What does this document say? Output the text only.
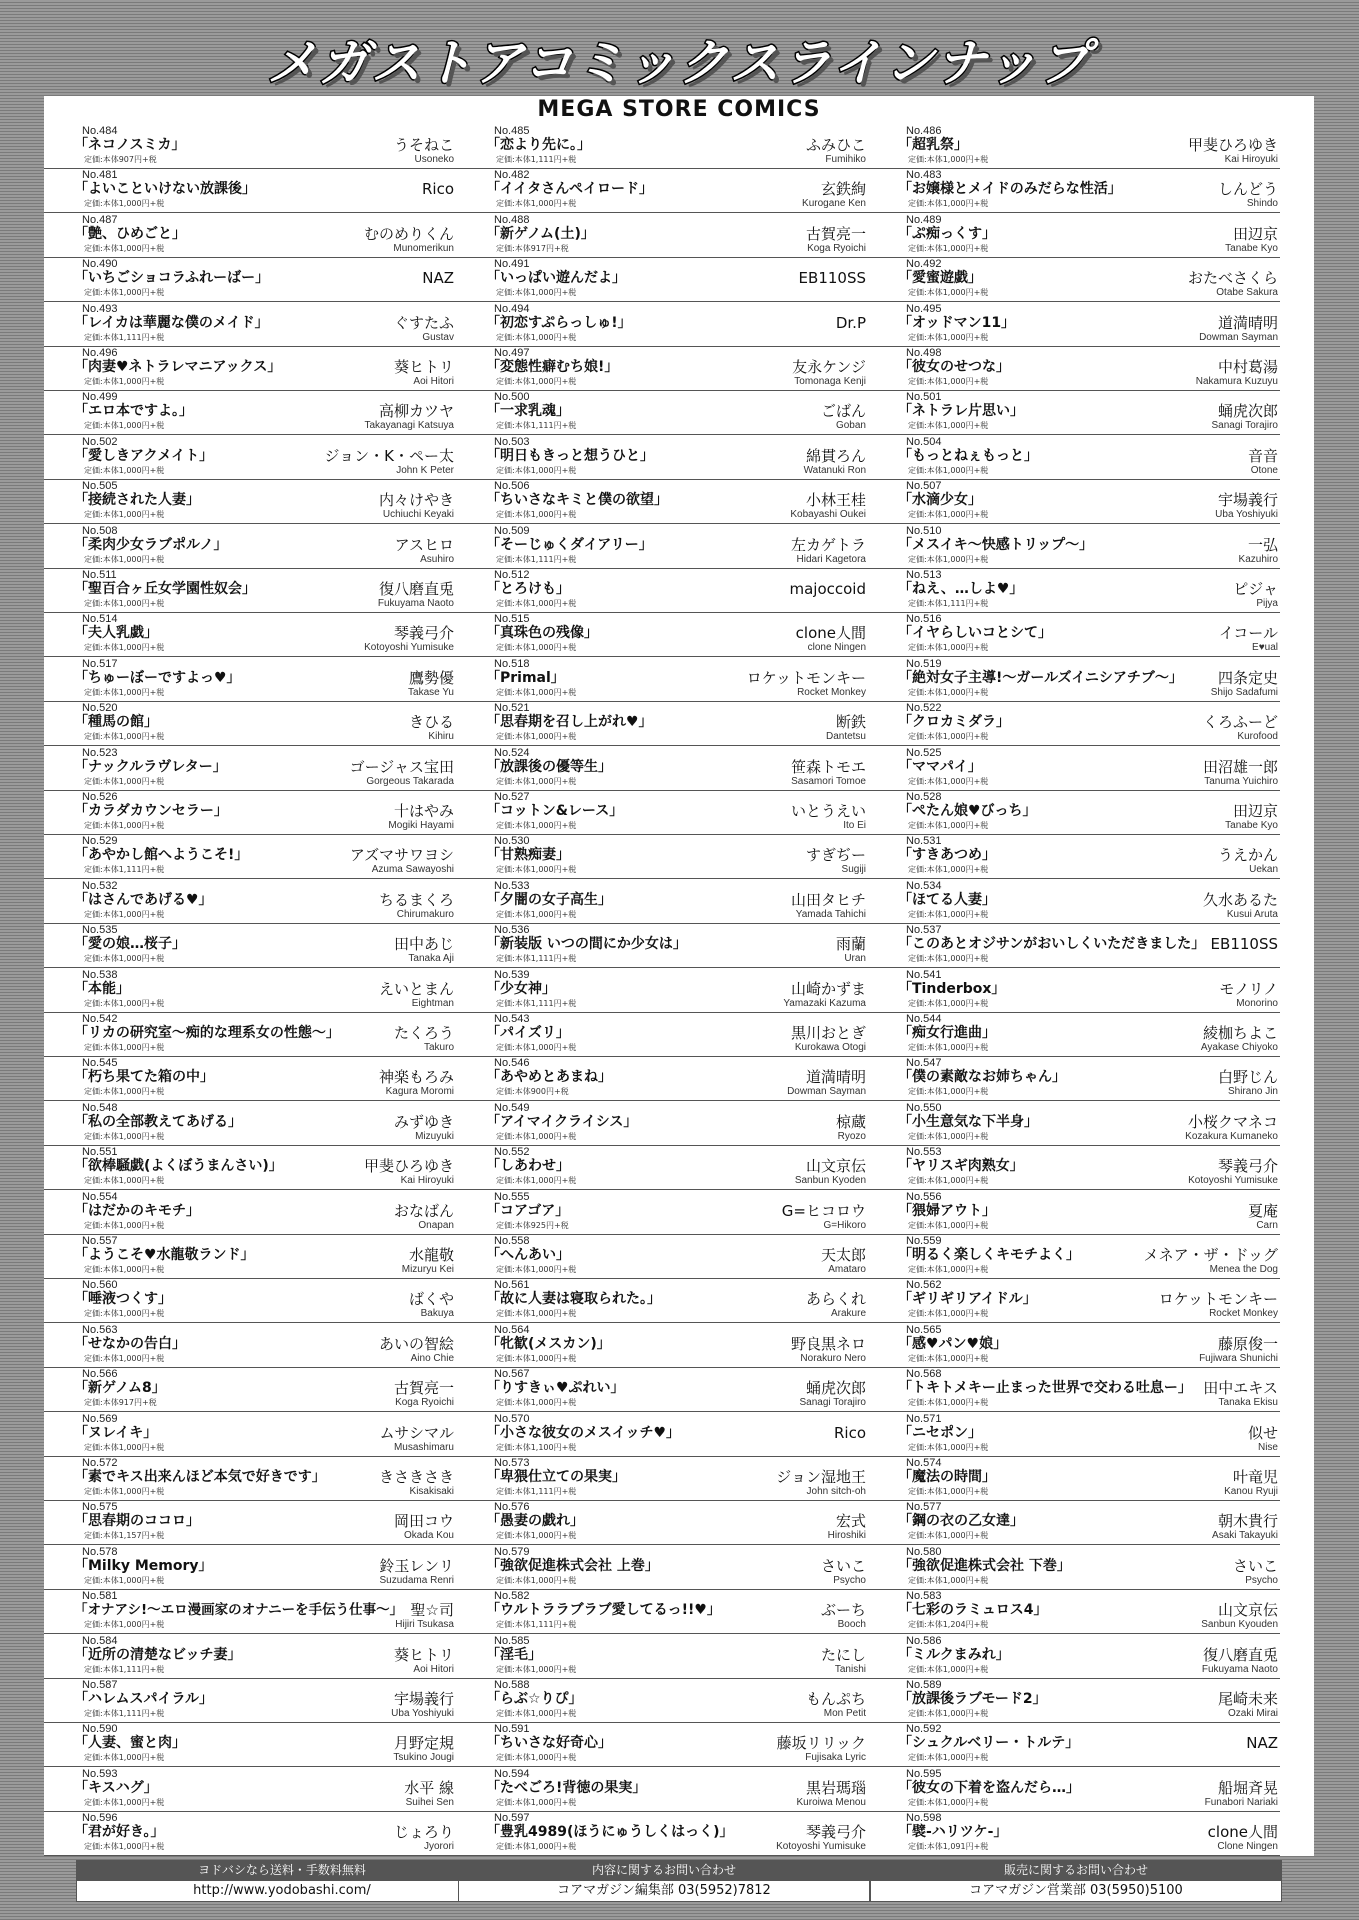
メガストアコミックスラインナップ
MEGA STORE COMICS
No.484
「ネコノスミカ」
定価:本体907円+税
うそねこ
Usoneko
No.481
「よいこといけない放課後」
定価:本体1,000円+税
Rico
No.487
「艶、ひめごと」
定価:本体1,000円+税
むのめりくん
Munomerikun
No.490
「いちごショコラふれーばー」
定価:本体1,000円+税
NAZ
No.493
「レイカは華麗な僕のメイド」
定価:本体1,111円+税
ぐすたふ
Gustav
No.496
「肉妻♥ネトラレマニアックス」
定価:本体1,000円+税
葵ヒトリ
Aoi Hitori
No.499
「エロ本ですよ。」
定価:本体1,000円+税
高柳カツヤ
Takayanagi Katsuya
No.502
「愛しきアクメイト」
定価:本体1,000円+税
ジョン・K・ペー太
John K Peter
No.505
「接続された人妻」
定価:本体1,000円+税
内々けやき
Uchiuchi Keyaki
No.508
「柔肉少女ラブポルノ」
定価:本体1,000円+税
アスヒロ
Asuhiro
No.511
「聖百合ヶ丘女学園性奴会」
定価:本体1,000円+税
復八磨直兎
Fukuyama Naoto
No.514
「夫人乳戯」
定価:本体1,000円+税
琴義弓介
Kotoyoshi Yumisuke
No.517
「ちゅーぼーですよっ♥」
定価:本体1,000円+税
鷹勢優
Takase Yu
No.520
「種馬の館」
定価:本体1,000円+税
きひる
Kihiru
No.523
「ナックルラヴレター」
定価:本体1,000円+税
ゴージャス宝田
Gorgeous Takarada
No.526
「カラダカウンセラー」
定価:本体1,000円+税
十はやみ
Mogiki Hayami
No.529
「あやかし館へようこそ!」
定価:本体1,111円+税
アズマサワヨシ
Azuma Sawayoshi
No.532
「はさんであげる♥」
定価:本体1,000円+税
ちるまくろ
Chirumakuro
No.535
「愛の娘…桜子」
定価:本体1,000円+税
田中あじ
Tanaka Aji
No.538
「本能」
定価:本体1,000円+税
えいとまん
Eightman
No.542
「リカの研究室〜痴的な理系女の性態〜」
定価:本体1,000円+税
たくろう
Takuro
No.545
「朽ち果てた箱の中」
定価:本体1,000円+税
神楽もろみ
Kagura Moromi
No.548
「私の全部教えてあげる」
定価:本体1,000円+税
みずゆき
Mizuyuki
No.551
「欲棒騒戯(よくぼうまんさい)」
定価:本体1,000円+税
甲斐ひろゆき
Kai Hiroyuki
No.554
「はだかのキモチ」
定価:本体1,000円+税
おなばん
Onapan
No.557
「ようこそ♥水龍敬ランド」
定価:本体1,000円+税
水龍敬
Mizuryu Kei
No.560
「唾液つくす」
定価:本体1,000円+税
ばくや
Bakuya
No.563
「せなかの告白」
定価:本体1,000円+税
あいの智絵
Aino Chie
No.566
「新ゲノム8」
定価:本体917円+税
古賀亮一
Koga Ryoichi
No.569
「ヌレイキ」
定価:本体1,000円+税
ムサシマル
Musashimaru
No.572
「素でキス出来んほど本気で好きです」
定価:本体1,000円+税
きさきさき
Kisakisaki
No.575
「思春期のココロ」
定価:本体1,157円+税
岡田コウ
Okada Kou
No.578
「Milky Memory」
定価:本体1,000円+税
鈴玉レンリ
Suzudama Renri
No.581
「オナアシ!〜エロ漫画家のオナニーを手伝う仕事〜」
定価:本体1,000円+税
聖☆司
Hijiri Tsukasa
No.584
「近所の清楚なビッチ妻」
定価:本体1,111円+税
葵ヒトリ
Aoi Hitori
No.587
「ハレムスパイラル」
定価:本体1,111円+税
宇場義行
Uba Yoshiyuki
No.590
「人妻、蜜と肉」
定価:本体1,000円+税
月野定規
Tsukino Jougi
No.593
「キスハグ」
定価:本体1,000円+税
水平 線
Suihei Sen
No.596
「君が好き。」
定価:本体1,000円+税
じょろり
Jyorori
No.485
「恋より先に。」
定価:本体1,111円+税
ふみひこ
Fumihiko
No.482
「イイタさんペイロード」
定価:本体1,000円+税
玄鉄絢
Kurogane Ken
No.488
「新ゲノム(土)」
定価:本体917円+税
古賀亮一
Koga Ryoichi
No.491
「いっぱい遊んだよ」
定価:本体1,000円+税
EB110SS
No.494
「初恋すぷらっしゅ!」
定価:本体1,000円+税
Dr.P
No.497
「変態性癖むち娘!」
定価:本体1,000円+税
友永ケンジ
Tomonaga Kenji
No.500
「一求乳魂」
定価:本体1,111円+税
ごばん
Goban
No.503
「明日もきっと想うひと」
定価:本体1,000円+税
綿貫ろん
Watanuki Ron
No.506
「ちいさなキミと僕の欲望」
定価:本体1,000円+税
小林王桂
Kobayashi Oukei
No.509
「そーじゅくダイアリー」
定価:本体1,111円+税
左カゲトラ
Hidari Kagetora
No.512
「とろけも」
定価:本体1,000円+税
majoccoid
No.515
「真珠色の残像」
定価:本体1,000円+税
clone人間
clone Ningen
No.518
「Primal」
定価:本体1,000円+税
ロケットモンキー
Rocket Monkey
No.521
「思春期を召し上がれ♥」
定価:本体1,000円+税
断鉄
Dantetsu
No.524
「放課後の優等生」
定価:本体1,000円+税
笹森トモエ
Sasamori Tomoe
No.527
「コットン&レース」
定価:本体1,000円+税
いとうえい
Ito Ei
No.530
「甘熟痴妻」
定価:本体1,000円+税
すぎぢー
Sugiji
No.533
「夕闇の女子高生」
定価:本体1,000円+税
山田タヒチ
Yamada Tahichi
No.536
「新装版 いつの間にか少女は」
定価:本体1,111円+税
雨蘭
Uran
No.539
「少女神」
定価:本体1,111円+税
山崎かずま
Yamazaki Kazuma
No.543
「パイズリ」
定価:本体1,000円+税
黒川おとぎ
Kurokawa Otogi
No.546
「あやめとあまね」
定価:本体900円+税
道満晴明
Dowman Sayman
No.549
「アイマイクライシス」
定価:本体1,000円+税
椋蔵
Ryozo
No.552
「しあわせ」
定価:本体1,000円+税
山文京伝
Sanbun Kyoden
No.555
「コアゴア」
定価:本体925円+税
G=ヒコロウ
G=Hikoro
No.558
「へんあい」
定価:本体1,000円+税
天太郎
Amataro
No.561
「故に人妻は寝取られた。」
定価:本体1,000円+税
あらくれ
Arakure
No.564
「牝歓(メスカン)」
定価:本体1,000円+税
野良黒ネロ
Norakuro Nero
No.567
「りすきぃ♥ぷれい」
定価:本体1,000円+税
蛹虎次郎
Sanagi Torajiro
No.570
「小さな彼女のメスイッチ♥」
定価:本体1,100円+税
Rico
No.573
「卑猥仕立ての果実」
定価:本体1,111円+税
ジョン湿地王
John sitch-oh
No.576
「愚妻の戯れ」
定価:本体1,000円+税
宏式
Hiroshiki
No.579
「強欲促進株式会社 上巻」
定価:本体1,000円+税
さいこ
Psycho
No.582
「ウルトララブラブ愛してるっ!!♥」
定価:本体1,111円+税
ぶーち
Booch
No.585
「淫毛」
定価:本体1,000円+税
たにし
Tanishi
No.588
「らぶ☆りぴ」
定価:本体1,000円+税
もんぷち
Mon Petit
No.591
「ちいさな好奇心」
定価:本体1,000円+税
藤坂リリック
Fujisaka Lyric
No.594
「たべごろ!背徳の果実」
定価:本体1,000円+税
黒岩瑪瑙
Kuroiwa Menou
No.597
「豊乳4989(ほうにゅうしくはっく)」
定価:本体1,000円+税
琴義弓介
Kotoyoshi Yumisuke
No.486
「超乳祭」
定価:本体1,000円+税
甲斐ひろゆき
Kai Hiroyuki
No.483
「お嬢様とメイドのみだらな性活」
定価:本体1,000円+税
しんどう
Shindo
No.489
「ぷ痴っくす」
定価:本体1,000円+税
田辺京
Tanabe Kyo
No.492
「愛蜜遊戯」
定価:本体1,000円+税
おたべさくら
Otabe Sakura
No.495
「オッドマン11」
定価:本体1,000円+税
道満晴明
Dowman Sayman
No.498
「彼女のせつな」
定価:本体1,000円+税
中村葛湯
Nakamura Kuzuyu
No.501
「ネトラレ片思い」
定価:本体1,000円+税
蛹虎次郎
Sanagi Torajiro
No.504
「もっとねぇもっと」
定価:本体1,000円+税
音音
Otone
No.507
「水滴少女」
定価:本体1,000円+税
宇場義行
Uba Yoshiyuki
No.510
「メスイキ〜快感トリップ〜」
定価:本体1,000円+税
一弘
Kazuhiro
No.513
「ねえ、…しよ♥」
定価:本体1,111円+税
ピジャ
Pijya
No.516
「イヤらしいコとシて」
定価:本体1,000円+税
イコール
E♥ual
No.519
「絶対女子主導!〜ガールズイニシアチブ〜」
定価:本体1,000円+税
四条定史
Shijo Sadafumi
No.522
「クロカミダラ」
定価:本体1,000円+税
くろふーど
Kurofood
No.525
「ママパイ」
定価:本体1,000円+税
田沼雄一郎
Tanuma Yuichiro
No.528
「ぺたん娘♥びっち」
定価:本体1,000円+税
田辺京
Tanabe Kyo
No.531
「すきあつめ」
定価:本体1,000円+税
うえかん
Uekan
No.534
「ほてる人妻」
定価:本体1,000円+税
久水あるた
Kusui Aruta
No.537
「このあとオジサンがおいしくいただきました」
定価:本体1,000円+税
EB110SS
No.541
「Tinderbox」
定価:本体1,000円+税
モノリノ
Monorino
No.544
「痴女行進曲」
定価:本体1,000円+税
綾枷ちよこ
Ayakase Chiyoko
No.547
「僕の素敵なお姉ちゃん」
定価:本体1,000円+税
白野じん
Shirano Jin
No.550
「小生意気な下半身」
定価:本体1,000円+税
小桜クマネコ
Kozakura Kumaneko
No.553
「ヤリスギ肉熟女」
定価:本体1,000円+税
琴義弓介
Kotoyoshi Yumisuke
No.556
「猥婦アウト」
定価:本体1,000円+税
夏庵
Carn
No.559
「明るく楽しくキモチよく」
定価:本体1,000円+税
メネア・ザ・ドッグ
Menea the Dog
No.562
「ギリギリアイドル」
定価:本体1,000円+税
ロケットモンキー
Rocket Monkey
No.565
「感♥パン♥娘」
定価:本体1,000円+税
藤原俊一
Fujiwara Shunichi
No.568
「トキトメキー止まった世界で交わる吐息ー」
定価:本体1,000円+税
田中エキス
Tanaka Ekisu
No.571
「ニセポン」
定価:本体1,000円+税
似せ
Nise
No.574
「魔法の時間」
定価:本体1,000円+税
叶竜児
Kanou Ryuji
No.577
「鋼の衣の乙女達」
定価:本体1,000円+税
朝木貴行
Asaki Takayuki
No.580
「強欲促進株式会社 下巻」
定価:本体1,000円+税
さいこ
Psycho
No.583
「七彩のラミュロス4」
定価:本体1,204円+税
山文京伝
Sanbun Kyouden
No.586
「ミルクまみれ」
定価:本体1,000円+税
復八磨直兎
Fukuyama Naoto
No.589
「放課後ラブモード2」
定価:本体1,000円+税
尾崎未来
Ozaki Mirai
No.592
「シュクルベリー・トルテ」
定価:本体1,000円+税
NAZ
No.595
「彼女の下着を盗んだら…」
定価:本体1,000円+税
船堀斉晃
Funabori Nariaki
No.598
「襞-ハリツケ-」
定価:本体1,091円+税
clone人間
Clone Ningen
ヨドバシなら送料・手数料無料
http://www.yodobashi.com/
内容に関するお問い合わせ
コアマガジン編集部 03(5952)7812
販売に関するお問い合わせ
コアマガジン営業部 03(5950)5100
